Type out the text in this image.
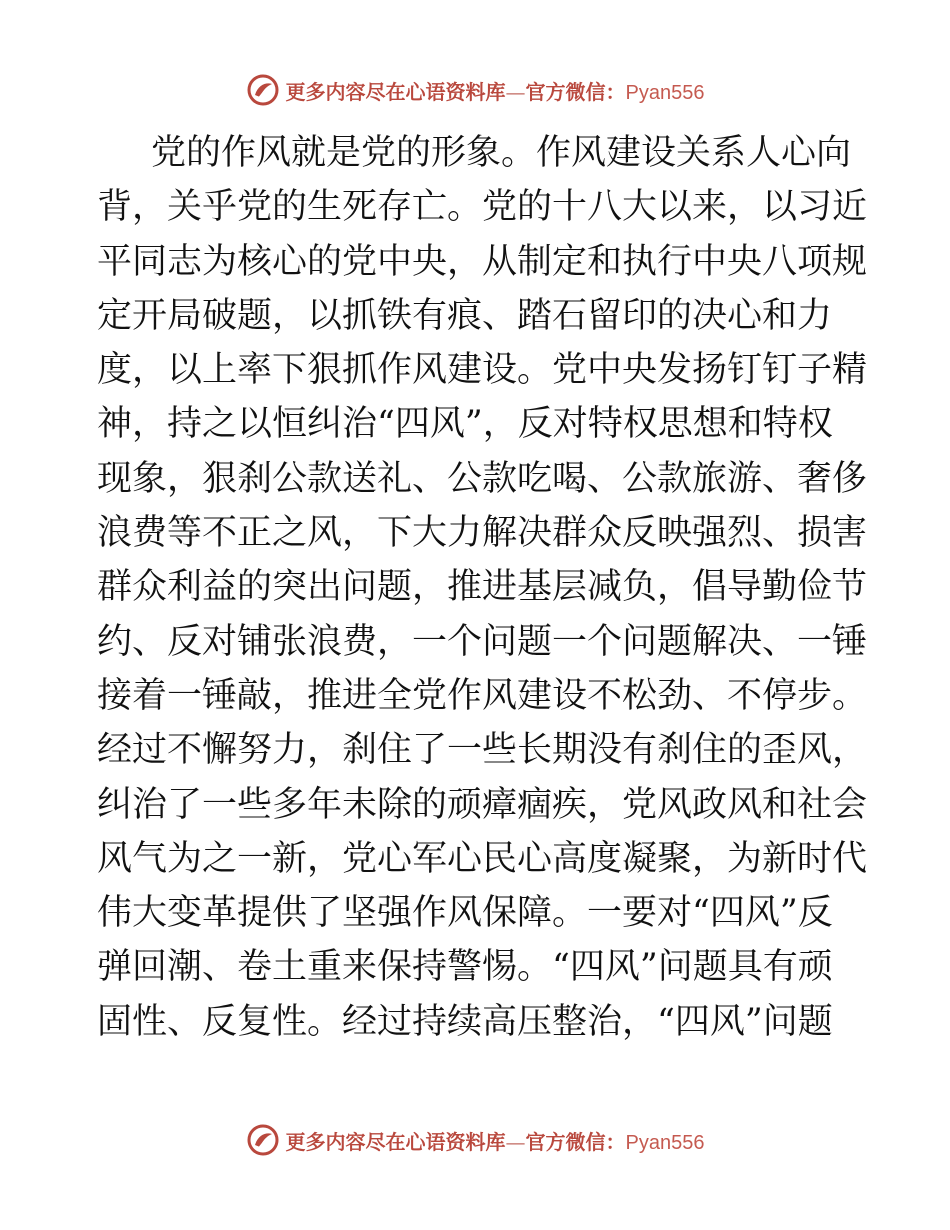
更多内容尽在心语资料库—官方微信：Pyan556
党的作风就是党的形象。作风建设关系人心向
背，关乎党的生死存亡。党的十八大以来，以习近
平同志为核心的党中央，从制定和执行中央八项规
定开局破题，以抓铁有痕、踏石留印的决心和力
度，以上率下狠抓作风建设。党中央发扬钉钉子精
神，持之以恒纠治“四风”，反对特权思想和特权
现象，狠刹公款送礼、公款吃喝、公款旅游、奢侈
浪费等不正之风，下大力解决群众反映强烈、损害
群众利益的突出问题，推进基层减负，倡导勤俭节
约、反对铺张浪费，一个问题一个问题解决、一锤
接着一锤敲，推进全党作风建设不松劲、不停步。
经过不懈努力，刹住了一些长期没有刹住的歪风，
纠治了一些多年未除的顽瘴痼疾，党风政风和社会
风气为之一新，党心军心民心高度凝聚，为新时代
伟大变革提供了坚强作风保障。一要对“四风”反
弹回潮、卷土重来保持警惕。“四风”问题具有顽
固性、反复性。经过持续高压整治，“四风”问题
更多内容尽在心语资料库—官方微信：Pyan556
